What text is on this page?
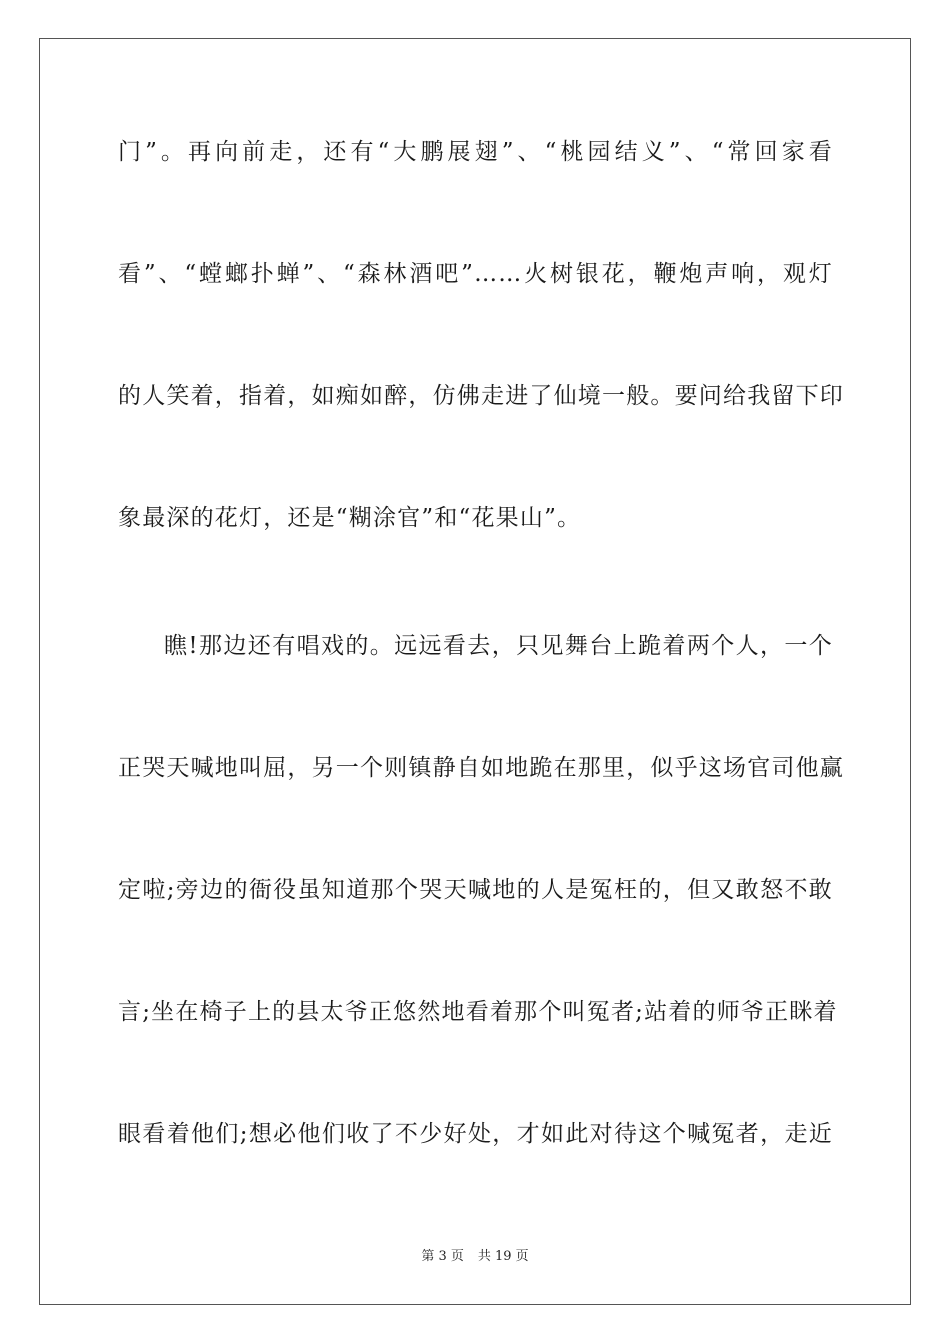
门”。再向前走，还有“大鹏展翅”、“桃园结义”、“常回家看
看”、“螳螂扑蝉”、“森林酒吧”……火树银花，鞭炮声响，观灯
的人笑着，指着，如痴如醉，仿佛走进了仙境一般。要问给我留下印
象最深的花灯，还是“糊涂官”和“花果山”。
瞧!那边还有唱戏的。远远看去，只见舞台上跪着两个人，一个
正哭天喊地叫屈，另一个则镇静自如地跪在那里，似乎这场官司他赢
定啦;旁边的衙役虽知道那个哭天喊地的人是冤枉的，但又敢怒不敢
言;坐在椅子上的县太爷正悠然地看着那个叫冤者;站着的师爷正眯着
眼看着他们;想必他们收了不少好处，才如此对待这个喊冤者，走近
第 3 页 共 19 页
